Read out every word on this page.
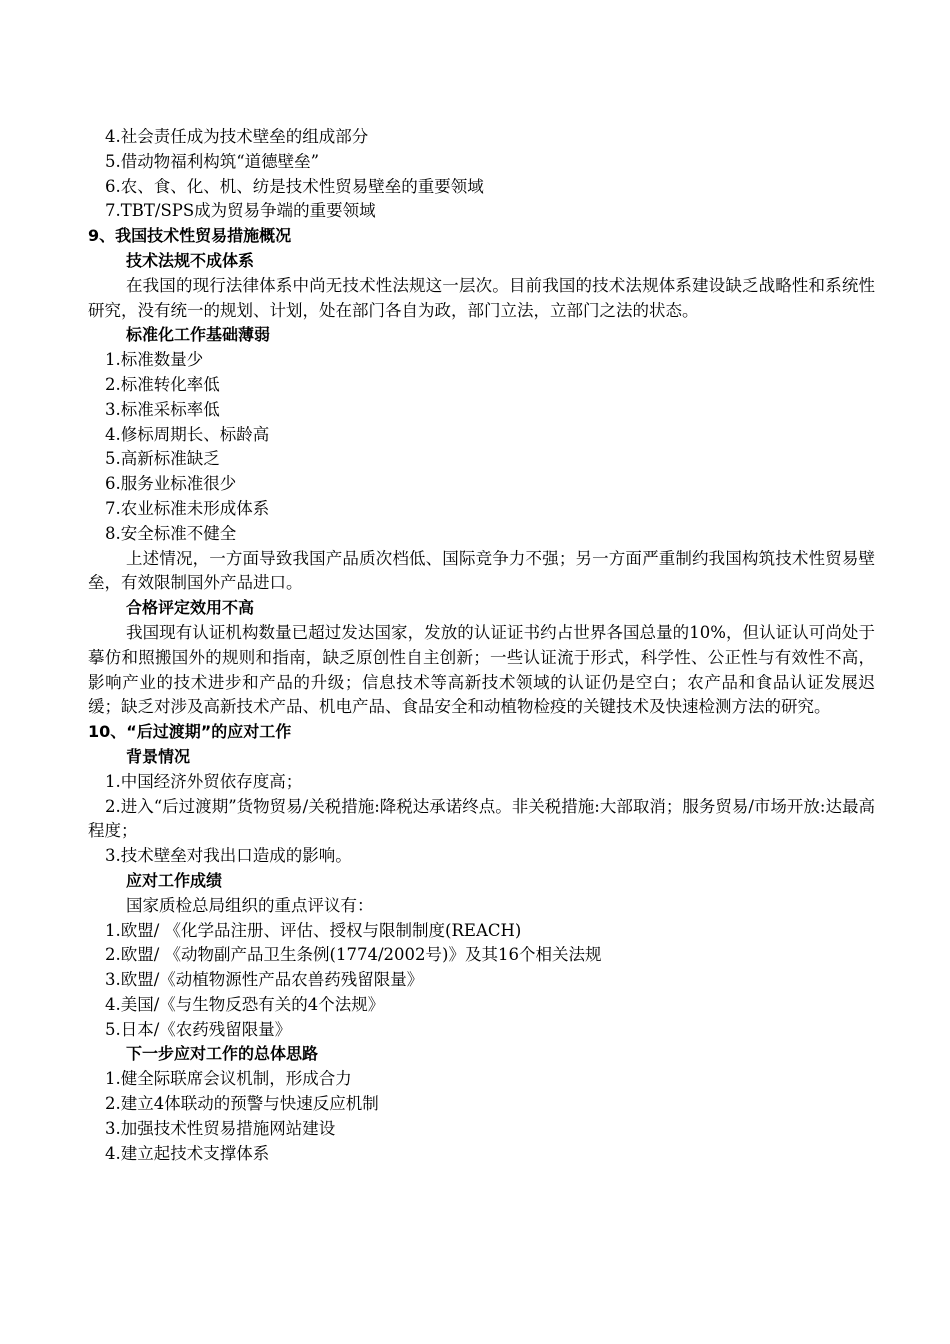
4.社会责任成为技术壁垒的组成部分
5.借动物福利构筑“道德壁垒”
6.农、食、化、机、纺是技术性贸易壁垒的重要领域
7.TBT/SPS成为贸易争端的重要领域
9、我国技术性贸易措施概况
技术法规不成体系
在我国的现行法律体系中尚无技术性法规这一层次。目前我国的技术法规体系建设缺乏战略性和系统性研究，没有统一的规划、计划，处在部门各自为政，部门立法，立部门之法的状态。
标准化工作基础薄弱
1.标准数量少
2.标准转化率低
3.标准采标率低
4.修标周期长、标龄高
5.高新标准缺乏
6.服务业标准很少
7.农业标准未形成体系
8.安全标准不健全
上述情况，一方面导致我国产品质次档低、国际竞争力不强；另一方面严重制约我国构筑技术性贸易壁垒，有效限制国外产品进口。
合格评定效用不高
我国现有认证机构数量已超过发达国家，发放的认证证书约占世界各国总量的10%，但认证认可尚处于摹仿和照搬国外的规则和指南，缺乏原创性自主创新；一些认证流于形式，科学性、公正性与有效性不高，影响产业的技术进步和产品的升级；信息技术等高新技术领域的认证仍是空白；农产品和食品认证发展迟缓；缺乏对涉及高新技术产品、机电产品、食品安全和动植物检疫的关键技术及快速检测方法的研究。
10、“后过渡期”的应对工作
背景情况
1.中国经济外贸依存度高；
2.进入“后过渡期”货物贸易/关税措施:降税达承诺终点。非关税措施:大部取消；服务贸易/市场开放:达最高程度；
3.技术壁垒对我出口造成的影响。
应对工作成绩
国家质检总局组织的重点评议有：
1.欧盟/ 《化学品注册、评估、授权与限制制度(REACH)
2.欧盟/ 《动物副产品卫生条例(1774/2002号)》及其16个相关法规
3.欧盟/《动植物源性产品农兽药残留限量》
4.美国/《与生物反恐有关的4个法规》
5.日本/《农药残留限量》
下一步应对工作的总体思路
1.健全际联席会议机制，形成合力
2.建立4体联动的预警与快速反应机制
3.加强技术性贸易措施网站建设
4.建立起技术支撑体系
